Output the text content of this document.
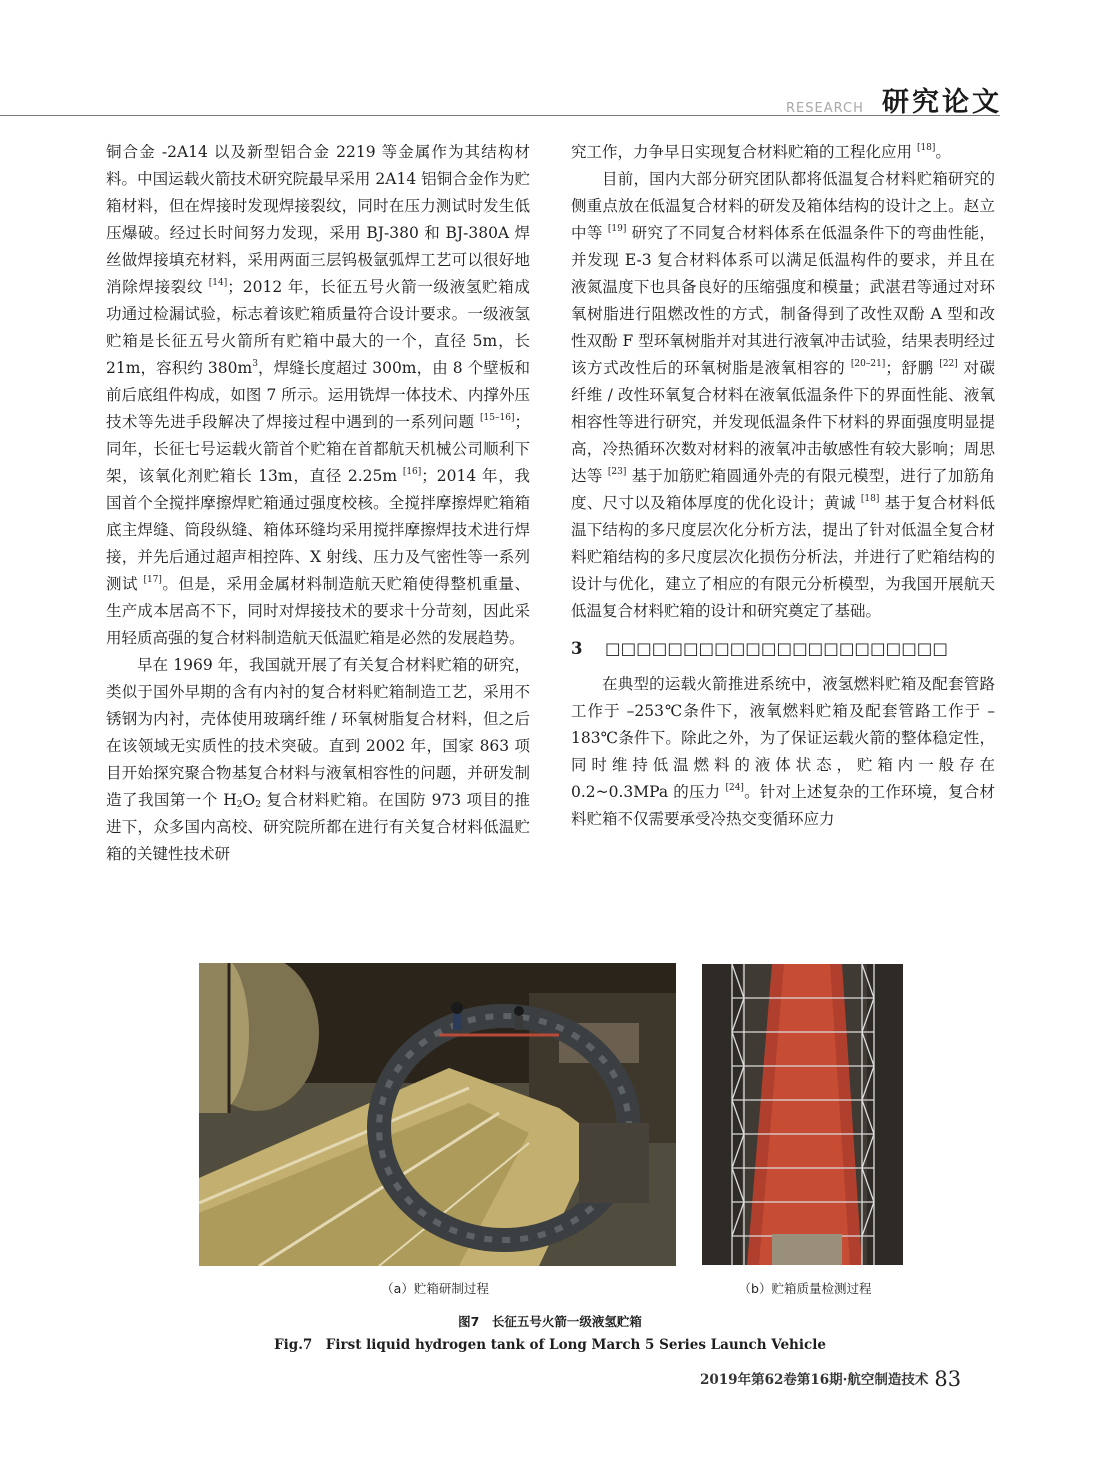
RESEARCH 研究论文

铜合金 -2A14 以及新型铝合金 2219 等金属作为其结构材料。中国运载火箭技术研究院最早采用 2A14 铝铜合金作为贮箱材料，但在焊接时发现焊接裂纹，同时在压力测试时发生低压爆破。经过长时间努力发现，采用 BJ-380 和 BJ-380A 焊丝做焊接填充材料，采用两面三层钨极氩弧焊工艺可以很好地消除焊接裂纹 [14]；2012 年，长征五号火箭一级液氢贮箱成功通过检漏试验，标志着该贮箱质量符合设计要求。一级液氢贮箱是长征五号火箭所有贮箱中最大的一个，直径 5m，长 21m，容积约 $380m^3$，焊缝长度超过 300m，由 8 个壁板和前后底组件构成，如图 7 所示。运用铣焊一体技术、内撑外压技术等先进手段解决了焊接过程中遇到的一系列问题 [15–16]；同年，长征七号运载火箭首个贮箱在首都航天机械公司顺利下架，该氧化剂贮箱长 13m，直径 2.25m [16]；2014 年，我国首个全搅拌摩擦焊贮箱通过强度校核。全搅拌摩擦焊贮箱箱底主焊缝、筒段纵缝、箱体环缝均采用搅拌摩擦焊技术进行焊接，并先后通过超声相控阵、X 射线、压力及气密性等一系列测试 [17]。但是，采用金属材料制造航天贮箱使得整机重量、生产成本居高不下，同时对焊接技术的要求十分苛刻，因此采用轻质高强的复合材料制造航天低温贮箱是必然的发展趋势。

早在 1969 年，我国就开展了有关复合材料贮箱的研究，类似于国外早期的含有内衬的复合材料贮箱制造工艺，采用不锈钢为内衬，壳体使用玻璃纤维 / 环氧树脂复合材料，但之后在该领域无实质性的技术突破。直到 2002 年，国家 863 项目开始探究聚合物基复合材料与液氧相容性的问题，并研发制造了我国第一个 $H_2O_2$ 复合材料贮箱。在国防 973 项目的推进下，众多国内高校、研究院所都在进行有关复合材料低温贮箱的关键性技术研

究工作，力争早日实现复合材料贮箱的工程化应用 [18]。

目前，国内大部分研究团队都将低温复合材料贮箱研究的侧重点放在低温复合材料的研发及箱体结构的设计之上。赵立中等 [19] 研究了不同复合材料体系在低温条件下的弯曲性能，并发现 E-3 复合材料体系可以满足低温构件的要求，并且在液氮温度下也具备良好的压缩强度和模量；武湛君等通过对环氧树脂进行阻燃改性的方式，制备得到了改性双酚 A 型和改性双酚 F 型环氧树脂并对其进行液氧冲击试验，结果表明经过该方式改性后的环氧树脂是液氧相容的 [20–21]；舒鹏 [22] 对碳纤维 / 改性环氧复合材料在液氧低温条件下的界面性能、液氧相容性等进行研究，并发现低温条件下材料的界面强度明显提高，冷热循环次数对材料的液氧冲击敏感性有较大影响；周思达等 [23] 基于加筋贮箱圆通外壳的有限元模型，进行了加筋角度、尺寸以及箱体厚度的优化设计；黄诚 [18] 基于复合材料低温下结构的多尺度层次化分析方法，提出了针对低温全复合材料贮箱结构的多尺度层次化损伤分析法，并进行了贮箱结构的设计与优化，建立了相应的有限元分析模型，为我国开展航天低温复合材料贮箱的设计和研究奠定了基础。

3 □□□□□□□□□□□□□□□□□□□□□□

在典型的运载火箭推进系统中，液氢燃料贮箱及配套管路工作于 –253℃条件下，液氧燃料贮箱及配套管路工作于 –183℃条件下。除此之外，为了保证运载火箭的整体稳定性，同时维持低温燃料的液体状态，贮箱内一般存在 0.2~0.3MPa 的压力 [24]。针对上述复杂的工作环境，复合材料贮箱不仅需要承受冷热交变循环应力

（a）贮箱研制过程	（b）贮箱质量检测过程
图7　长征五号火箭一级液氢贮箱
Fig.7　First liquid hydrogen tank of Long March 5 Series Launch Vehicle
2019年第62卷第16期·航空制造技术 83
